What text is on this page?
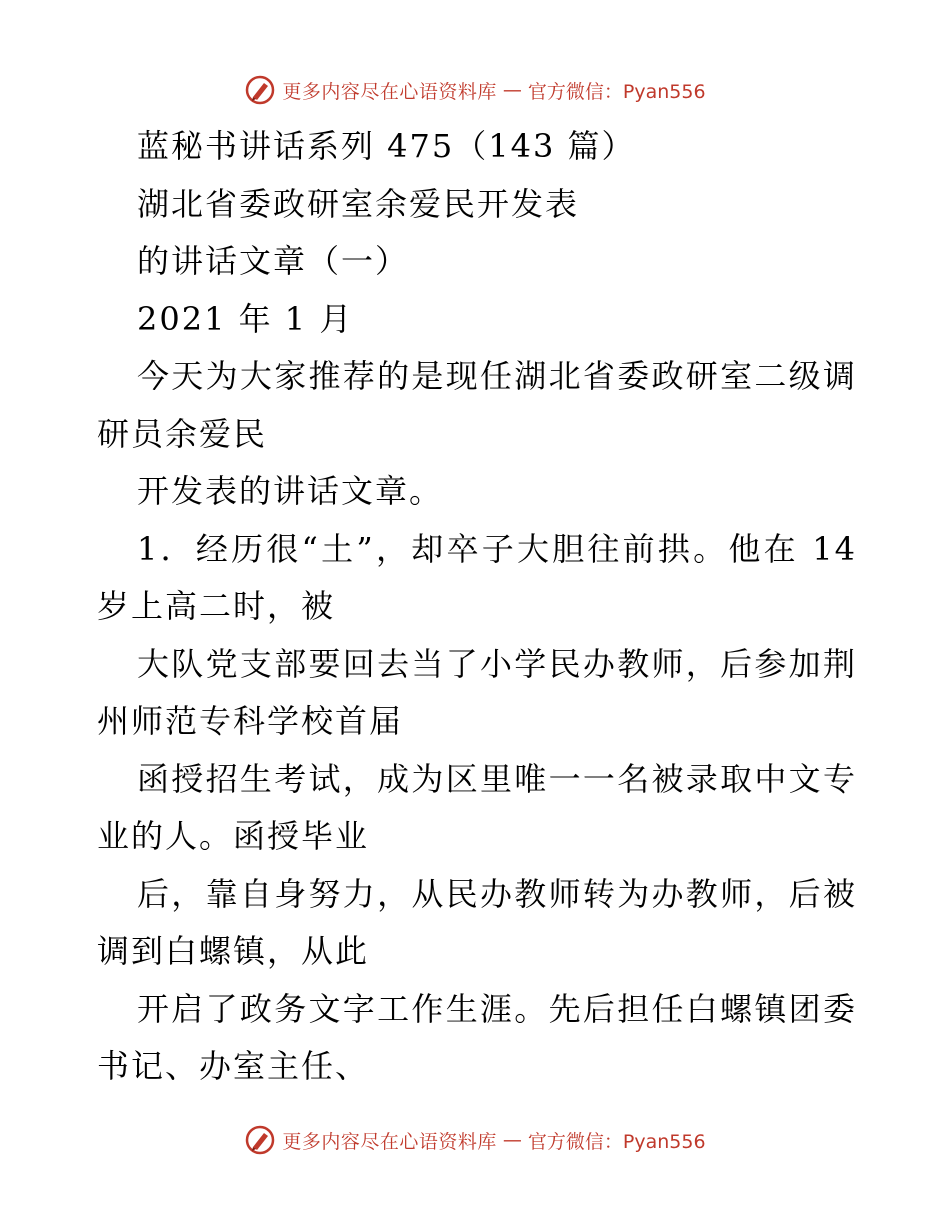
更多内容尽在心语资料库 — 官方微信：Pyan556
蓝秘书讲话系列 475（143 篇）
湖北省委政研室余爱民开发表
的讲话文章（一）
2021 年 1 月
今天为大家推荐的是现任湖北省委政研室二级调
研员余爱民
开发表的讲话文章。
1．经历很“土”，却卒子大胆往前拱。他在 14
岁上高二时，被
大队党支部要回去当了小学民办教师，后参加荆
州师范专科学校首届
函授招生考试，成为区里唯一一名被录取中文专
业的人。函授毕业
后，靠自身努力，从民办教师转为办教师，后被
调到白螺镇，从此
开启了政务文字工作生涯。先后担任白螺镇团委
书记、办室主任、
更多内容尽在心语资料库 — 官方微信：Pyan556
